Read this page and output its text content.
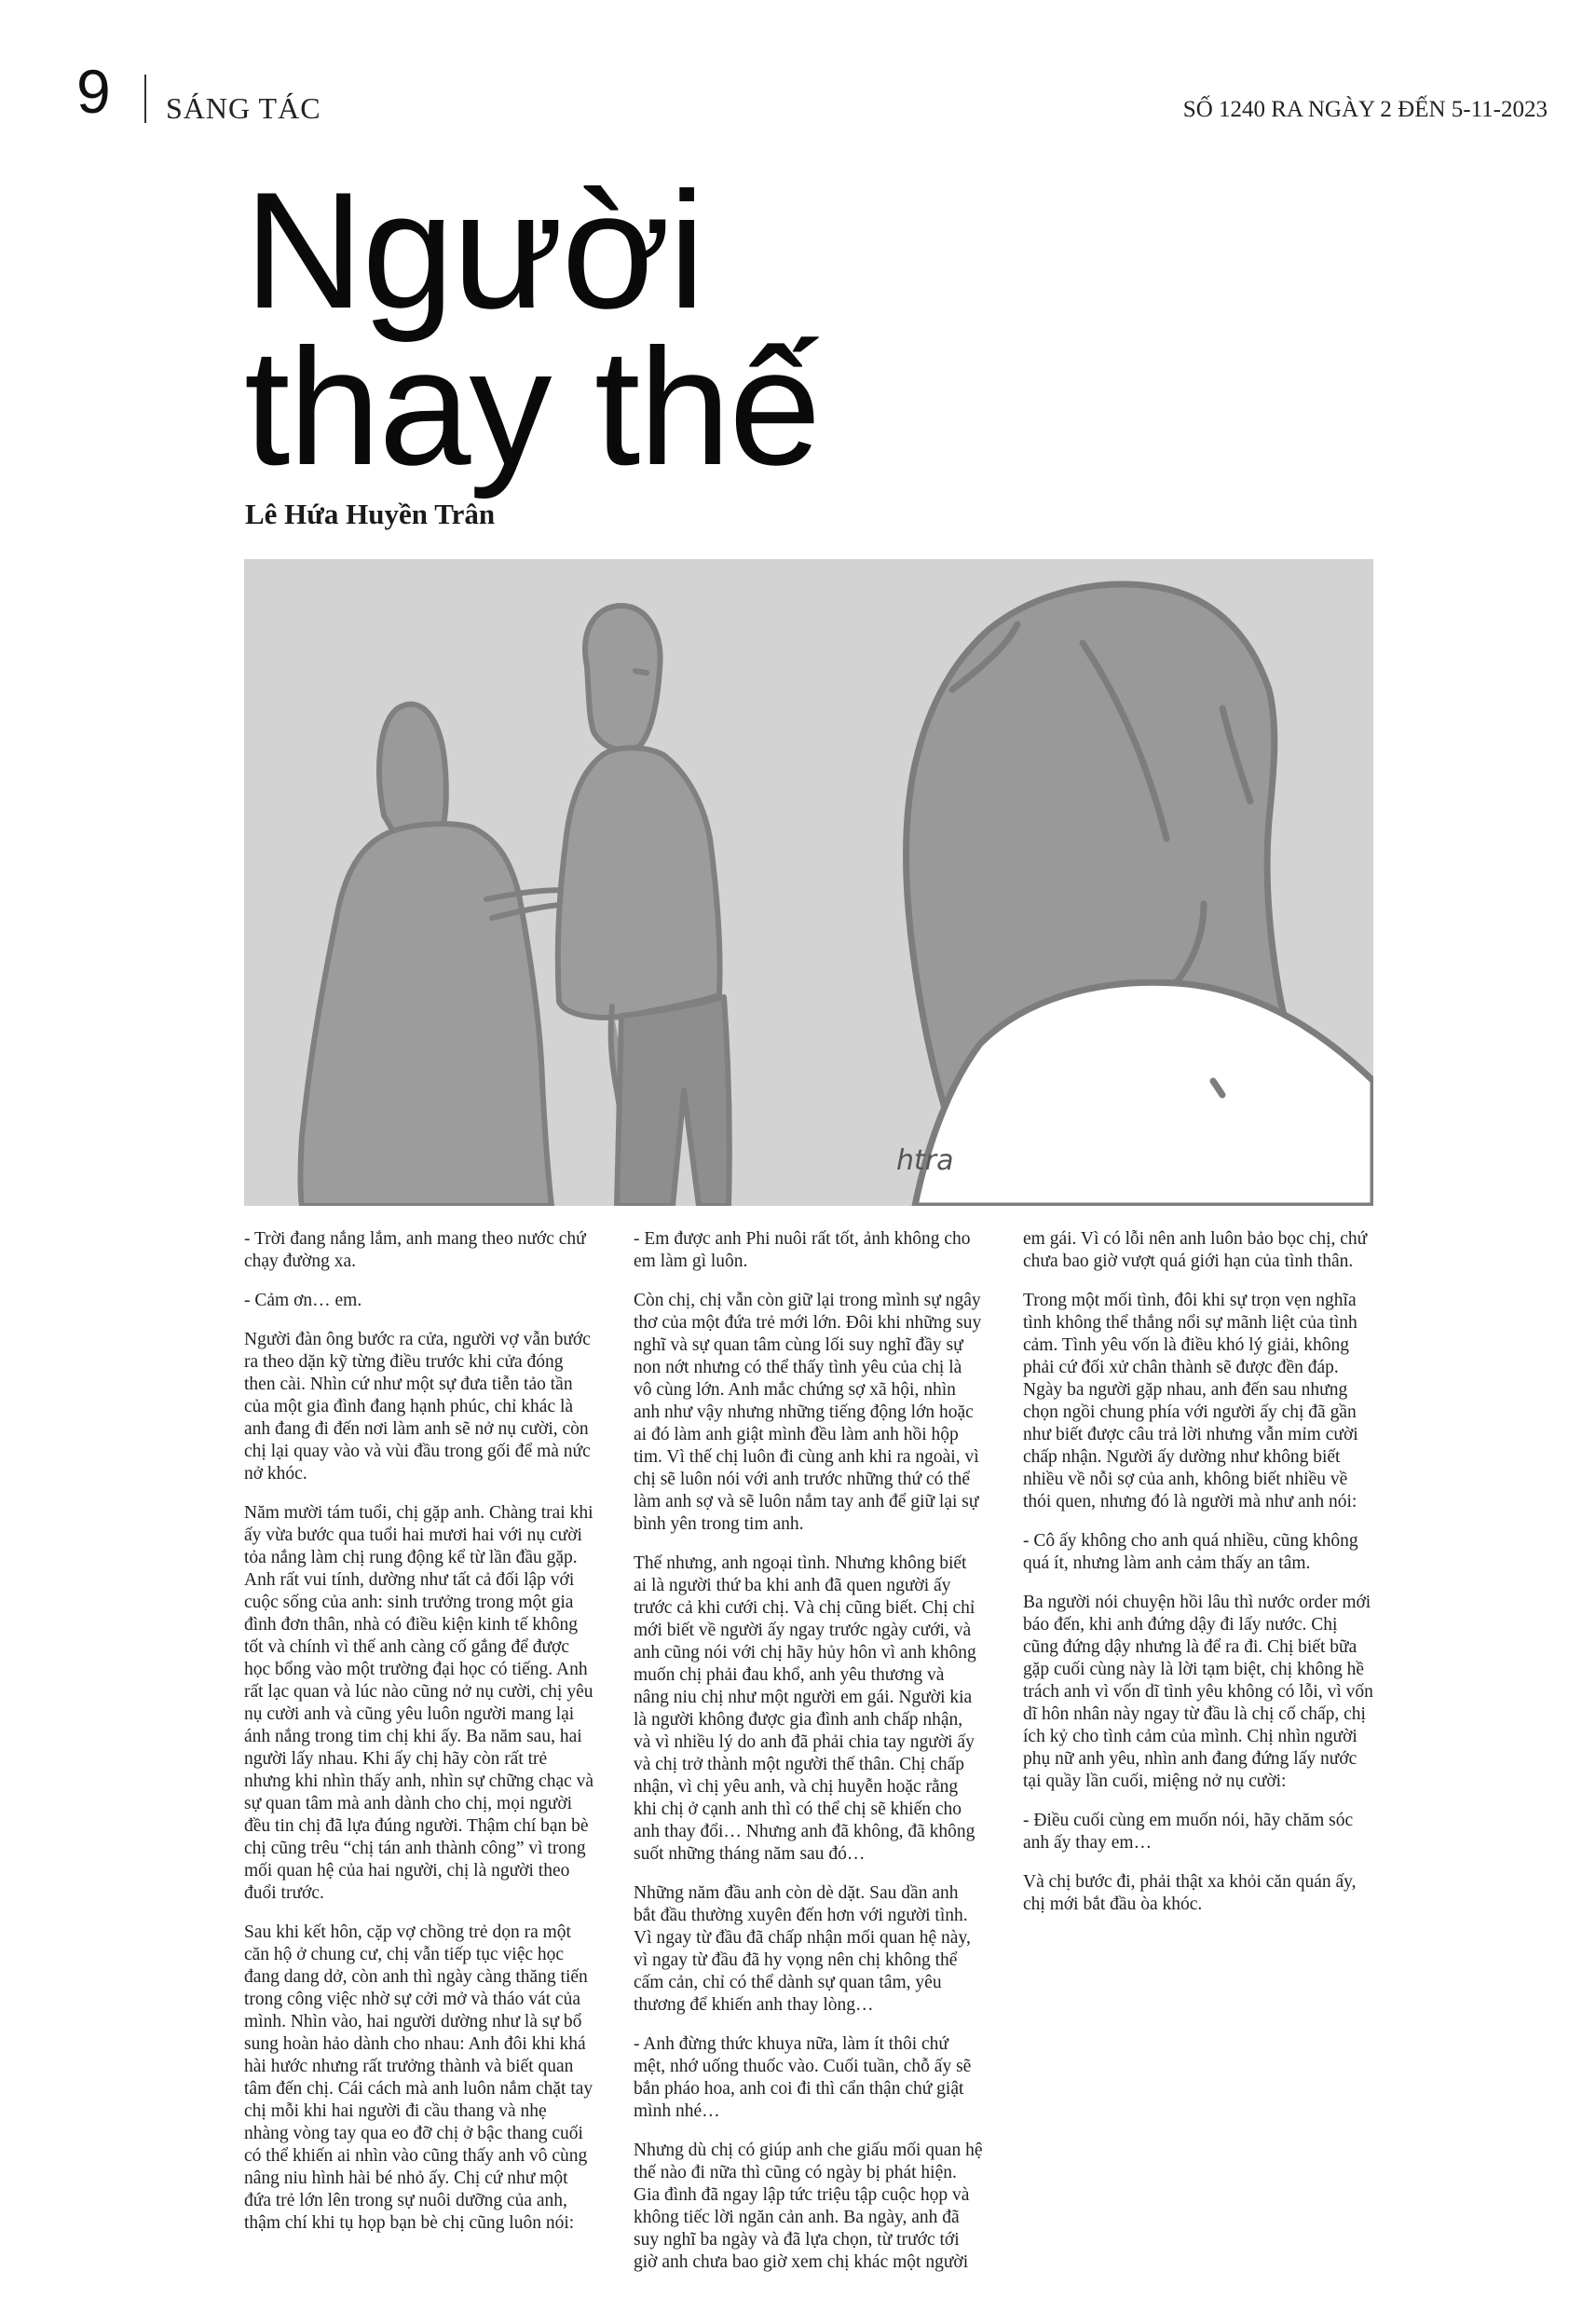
9 SÁNG TÁC	SỐ 1240 RA NGÀY 2 ĐẾN 5-11-2023
Người
thay thế
Lê Hứa Huyền Trân
htra

- Trời đang nắng lắm, anh mang theo nước chứ chạy đường xa.

- Cảm ơn… em.

Người đàn ông bước ra cửa, người vợ vẫn bước ra theo dặn kỹ từng điều trước khi cửa đóng then cài. Nhìn cứ như một sự đưa tiễn tảo tần của một gia đình đang hạnh phúc, chỉ khác là anh đang đi đến nơi làm anh sẽ nở nụ cười, còn chị lại quay vào và vùi đầu trong gối để mà nức nở khóc.

Năm mười tám tuổi, chị gặp anh. Chàng trai khi ấy vừa bước qua tuổi hai mươi hai với nụ cười tỏa nắng làm chị rung động kể từ lần đầu gặp. Anh rất vui tính, dường như tất cả đối lập với cuộc sống của anh: sinh trưởng trong một gia đình đơn thân, nhà có điều kiện kinh tế không tốt và chính vì thế anh càng cố gắng để được học bổng vào một trường đại học có tiếng. Anh rất lạc quan và lúc nào cũng nở nụ cười, chị yêu nụ cười anh và cũng yêu luôn người mang lại ánh nắng trong tim chị khi ấy. Ba năm sau, hai người lấy nhau. Khi ấy chị hãy còn rất trẻ nhưng khi nhìn thấy anh, nhìn sự chững chạc và sự quan tâm mà anh dành cho chị, mọi người đều tin chị đã lựa đúng người. Thậm chí bạn bè chị cũng trêu “chị tán anh thành công” vì trong mối quan hệ của hai người, chị là người theo đuổi trước.

Sau khi kết hôn, cặp vợ chồng trẻ dọn ra một căn hộ ở chung cư, chị vẫn tiếp tục việc học đang dang dở, còn anh thì ngày càng thăng tiến trong công việc nhờ sự cởi mở và tháo vát của mình. Nhìn vào, hai người dường như là sự bổ sung hoàn hảo dành cho nhau: Anh đôi khi khá hài hước nhưng rất trưởng thành và biết quan tâm đến chị. Cái cách mà anh luôn nắm chặt tay chị mỗi khi hai người đi cầu thang và nhẹ nhàng vòng tay qua eo đỡ chị ở bậc thang cuối có thể khiến ai nhìn vào cũng thấy anh vô cùng nâng niu hình hài bé nhỏ ấy. Chị cứ như một đứa trẻ lớn lên trong sự nuôi dưỡng của anh, thậm chí khi tụ họp bạn bè chị cũng luôn nói:

- Em được anh Phi nuôi rất tốt, ảnh không cho em làm gì luôn.

Còn chị, chị vẫn còn giữ lại trong mình sự ngây thơ của một đứa trẻ mới lớn. Đôi khi những suy nghĩ và sự quan tâm cùng lối suy nghĩ đầy sự non nớt nhưng có thể thấy tình yêu của chị là vô cùng lớn. Anh mắc chứng sợ xã hội, nhìn anh như vậy nhưng những tiếng động lớn hoặc ai đó làm anh giật mình đều làm anh hồi hộp tim. Vì thế chị luôn đi cùng anh khi ra ngoài, vì chị sẽ luôn nói với anh trước những thứ có thể làm anh sợ và sẽ luôn nắm tay anh để giữ lại sự bình yên trong tim anh.

Thế nhưng, anh ngoại tình. Nhưng không biết ai là người thứ ba khi anh đã quen người ấy trước cả khi cưới chị. Và chị cũng biết. Chị chỉ mới biết về người ấy ngay trước ngày cưới, và anh cũng nói với chị hãy hủy hôn vì anh không muốn chị phải đau khổ, anh yêu thương và nâng niu chị như một người em gái. Người kia là người không được gia đình anh chấp nhận, và vì nhiều lý do anh đã phải chia tay người ấy và chị trở thành một người thế thân. Chị chấp nhận, vì chị yêu anh, và chị huyễn hoặc rằng khi chị ở cạnh anh thì có thể chị sẽ khiến cho anh thay đổi… Nhưng anh đã không, đã không suốt những tháng năm sau đó…

Những năm đầu anh còn dè dặt. Sau dần anh bắt đầu thường xuyên đến hơn với người tình. Vì ngay từ đầu đã chấp nhận mối quan hệ này, vì ngay từ đầu đã hy vọng nên chị không thể cấm cản, chỉ có thể dành sự quan tâm, yêu thương để khiến anh thay lòng…

- Anh đừng thức khuya nữa, làm ít thôi chứ mệt, nhớ uống thuốc vào. Cuối tuần, chỗ ấy sẽ bắn pháo hoa, anh coi đi thì cẩn thận chứ giật mình nhé…

Nhưng dù chị có giúp anh che giấu mối quan hệ thế nào đi nữa thì cũng có ngày bị phát hiện. Gia đình đã ngay lập tức triệu tập cuộc họp và không tiếc lời ngăn cản anh. Ba ngày, anh đã suy nghĩ ba ngày và đã lựa chọn, từ trước tới giờ anh chưa bao giờ xem chị khác một người em gái. Vì có lỗi nên anh luôn bảo bọc chị, chứ chưa bao giờ vượt quá giới hạn của tình thân.

Trong một mối tình, đôi khi sự trọn vẹn nghĩa tình không thể thắng nổi sự mãnh liệt của tình cảm. Tình yêu vốn là điều khó lý giải, không phải cứ đối xử chân thành sẽ được đền đáp. Ngày ba người gặp nhau, anh đến sau nhưng chọn ngồi chung phía với người ấy chị đã gần như biết được câu trả lời nhưng vẫn mỉm cười chấp nhận. Người ấy dường như không biết nhiều về nỗi sợ của anh, không biết nhiều về thói quen, nhưng đó là người mà như anh nói:

- Cô ấy không cho anh quá nhiều, cũng không quá ít, nhưng làm anh cảm thấy an tâm.

Ba người nói chuyện hồi lâu thì nước order mới báo đến, khi anh đứng dậy đi lấy nước. Chị cũng đứng dậy nhưng là để ra đi. Chị biết bữa gặp cuối cùng này là lời tạm biệt, chị không hề trách anh vì vốn dĩ tình yêu không có lỗi, vì vốn dĩ hôn nhân này ngay từ đầu là chị cố chấp, chị ích kỷ cho tình cảm của mình. Chị nhìn người phụ nữ anh yêu, nhìn anh đang đứng lấy nước tại quầy lần cuối, miệng nở nụ cười:

- Điều cuối cùng em muốn nói, hãy chăm sóc anh ấy thay em…

Và chị bước đi, phải thật xa khỏi căn quán ấy, chị mới bắt đầu òa khóc.
